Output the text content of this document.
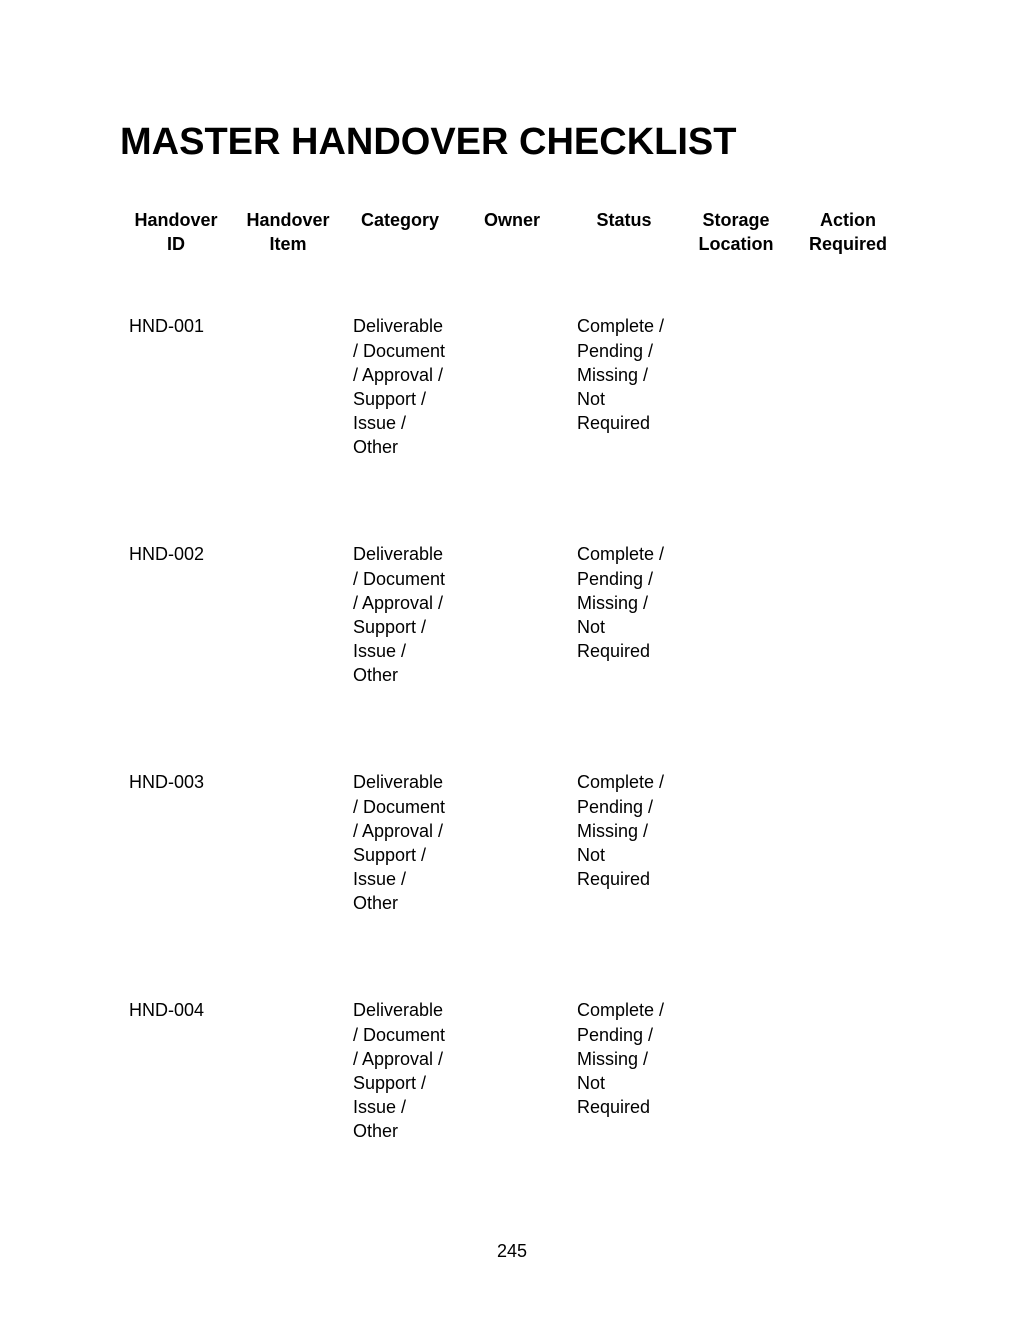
MASTER HANDOVER CHECKLIST
Handover ID	Handover Item	Category	Owner	Status	Storage Location	Action Required

HND-001		Deliverable / Document / Approval / Support / Issue / Other		Complete / Pending / Missing / Not Required		
HND-002		Deliverable / Document / Approval / Support / Issue / Other		Complete / Pending / Missing / Not Required		
HND-003		Deliverable / Document / Approval / Support / Issue / Other		Complete / Pending / Missing / Not Required		
HND-004		Deliverable / Document / Approval / Support / Issue / Other		Complete / Pending / Missing / Not Required		
245
